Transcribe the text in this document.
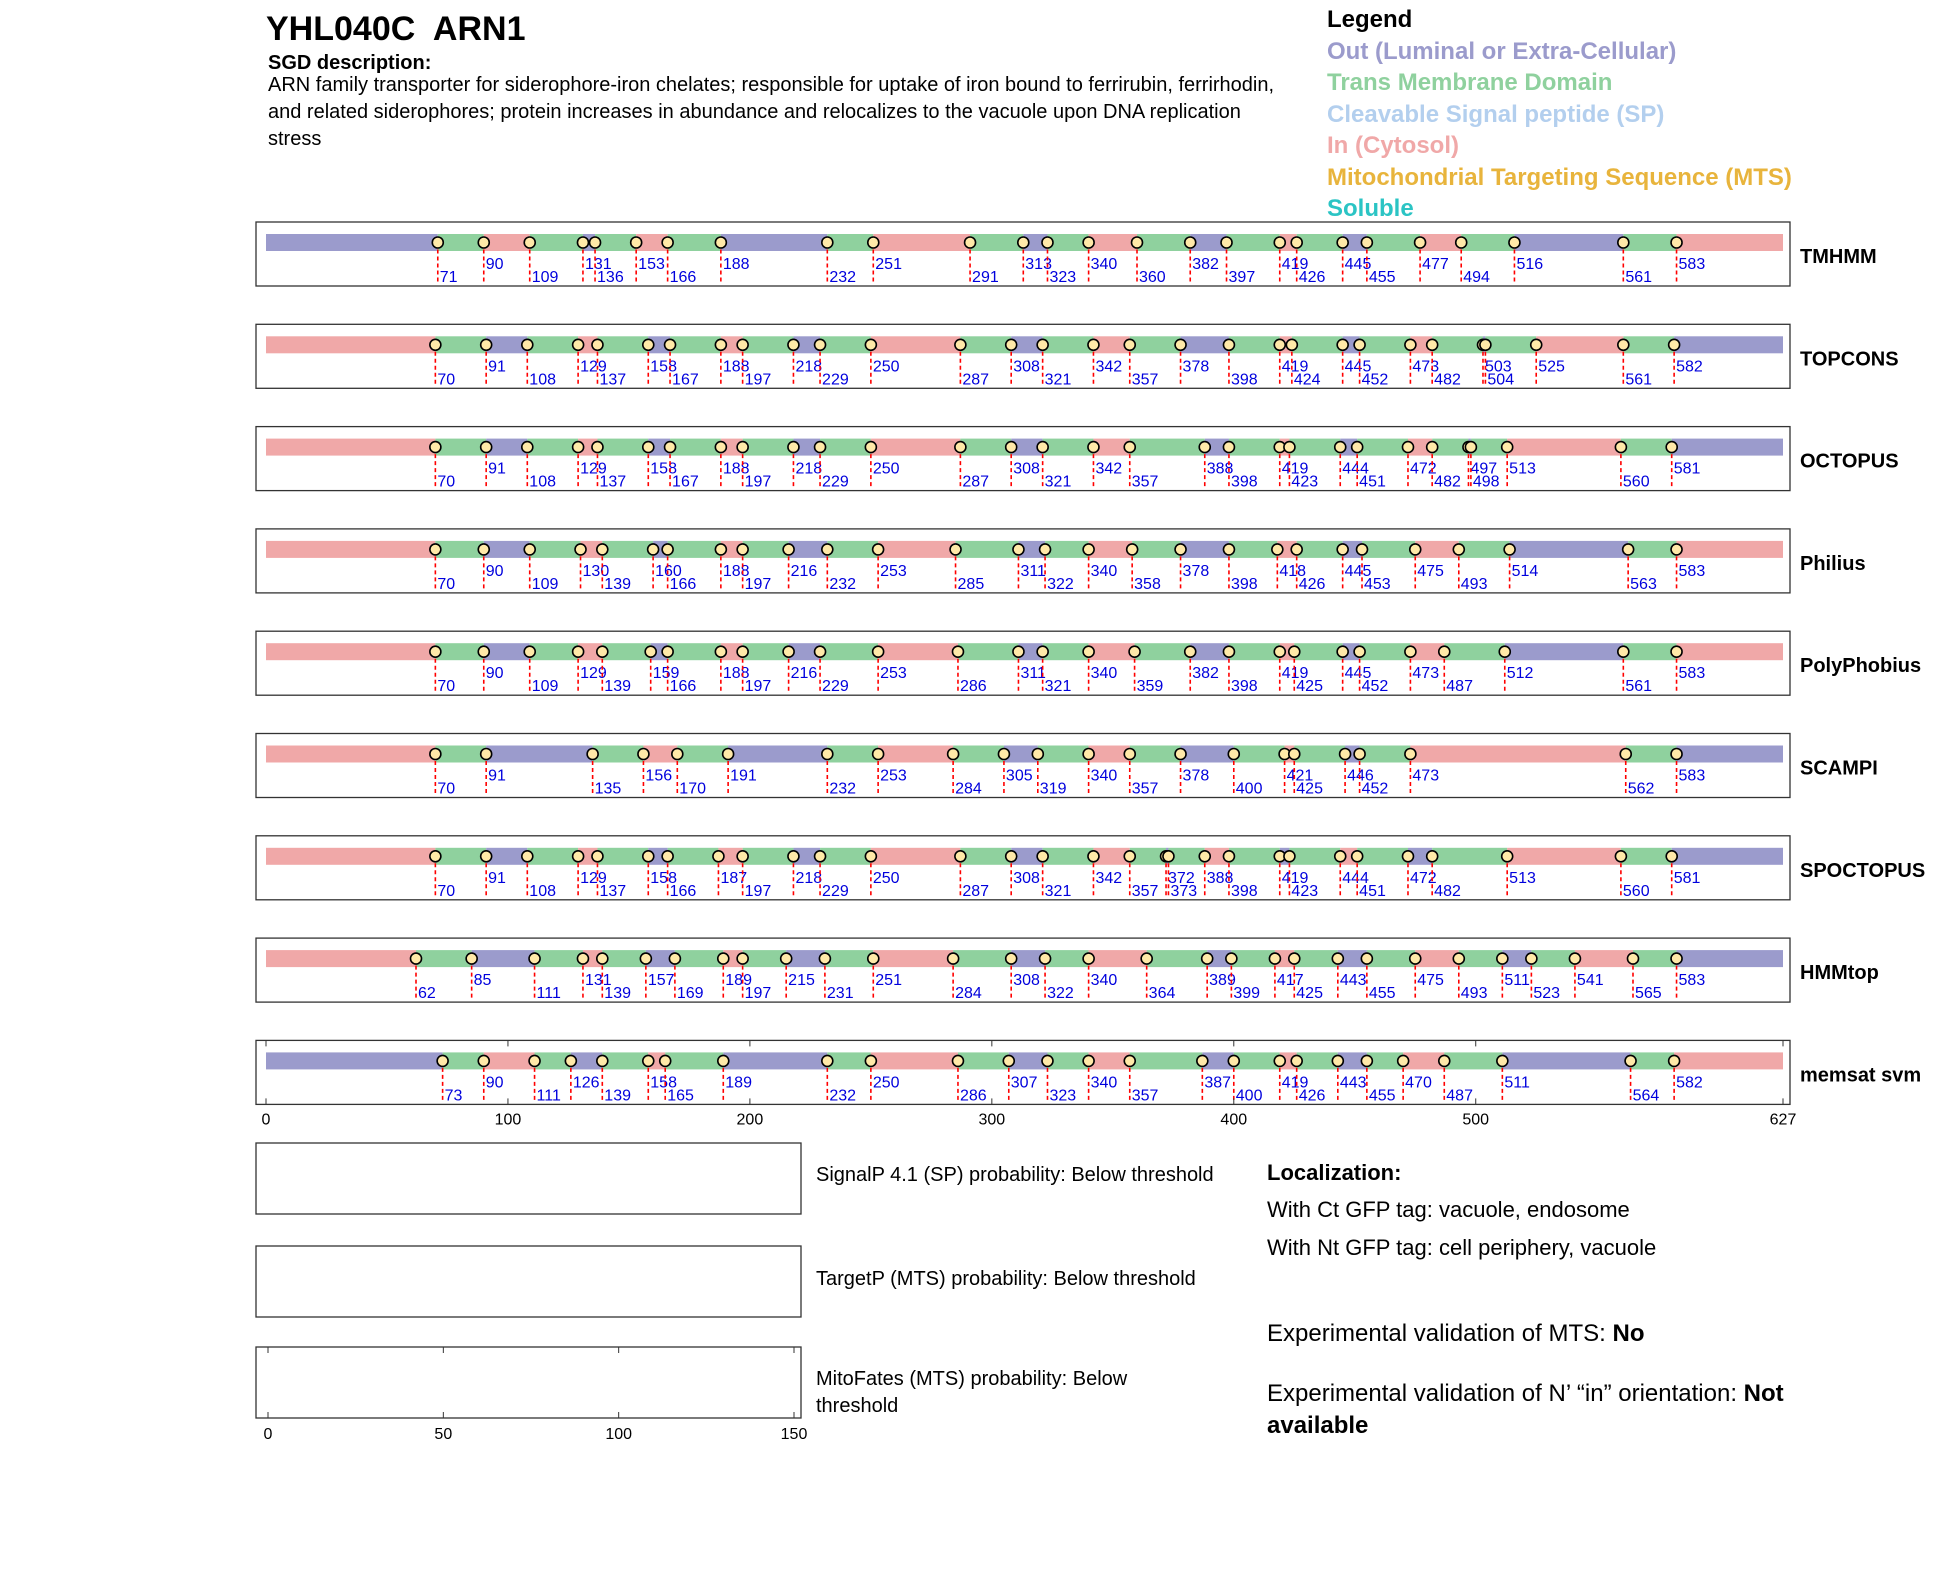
YHL040C ARN1
SGD description:
ARN family transporter for siderophore-iron chelates; responsible for uptake of iron bound to ferrirubin, ferrirhodin, and related siderophores; protein increases in abundance and relocalizes to the vacuole upon DNA replication stress
Legend
Out (Luminal or Extra-Cellular)
Trans Membrane Domain
Cleavable Signal peptide (SP)
In (Cytosol)
Mitochondrial Targeting Sequence (MTS)
Soluble
71
90
109
131
136
153
166
188
232
251
291
313
323
340
360
382
397
419
426
445
455
477
494
516
561
583	TMHMM
70
91
108
129
137
158
167
188
197
218
229
250
287
308
321
342
357
378
398
419
424
445
452
473
482
503
504
525
561
582	TOPCONS
70
91
108
129
137
158
167
188
197
218
229
250
287
308
321
342
357
388
398
419
423
444
451
472
482
497
498
513
560
581	OCTOPUS
70
90
109
130
139
160
166
188
197
216
232
253
285
311
322
340
358
378
398
418
426
445
453
475
493
514
563
583	Philius
70
90
109
129
139
159
166
188
197
216
229
253
286
311
321
340
359
382
398
419
425
445
452
473
487
512
561
583	PolyPhobius
70
91
135
156
170
191
232
253
284
305
319
340
357
378
400
421
425
446
452
473
562
583	SCAMPI
70
91
108
129
137
158
166
187
197
218
229
250
287
308
321
342
357
372
373
388
398
419
423
444
451
472
482
513
560
581	SPOCTOPUS
62
85
111
131
139
157
169
189
197
215
231
251
284
308
322
340
364
389
399
417
425
443
455
475
493
511
523
541
565
583	HMMtop
73
90
111
126
139
158
165
189
232
250
286
307
323
340
357
387
400
419
426
443
455
470
487
511
564
582	memsat svm
0	100	200	300	400	500	627
0	50	100	150
SignalP 4.1 (SP) probability: Below threshold
TargetP (MTS) probability: Below threshold
MitoFates (MTS) probability: Below threshold
Localization:
With Ct GFP tag: vacuole, endosome
With Nt GFP tag: cell periphery, vacuole
Experimental validation of MTS: No
Experimental validation of N’ “in” orientation: Not available
